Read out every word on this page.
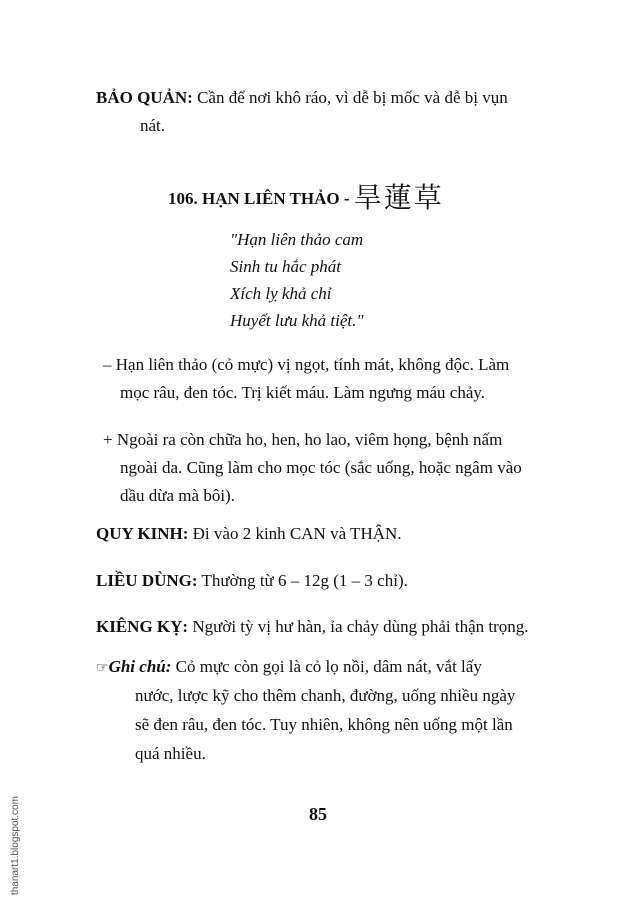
BẢO QUẢN: Cần để nơi khô ráo, vì dễ bị mốc và dễ bị vụn
nát.
106. HẠN LIÊN THẢO - 旱蓮草
"Hạn liên thảo cam
Sinh tu hắc phát
Xích lỵ khả chỉ
Huyết lưu khả tiệt."
– Hạn liên thảo (cỏ mực) vị ngọt, tính mát, không độc. Làm
mọc râu, đen tóc. Trị kiết máu. Làm ngưng máu chảy.
+ Ngoài ra còn chữa ho, hen, ho lao, viêm họng, bệnh nấm
ngoài da. Cũng làm cho mọc tóc (sắc uống, hoặc ngâm vào
dầu dừa mà bôi).
QUY KINH: Đi vào 2 kinh CAN và THẬN.
LIỀU DÙNG: Thường từ 6 – 12g (1 – 3 chỉ).
KIÊNG KỴ: Người tỳ vị hư hàn, ỉa chảy dùng phải thận trọng.
☞Ghi chú: Cỏ mực còn gọi là cỏ lọ nồi, dâm nát, vắt lấy
nước, lược kỹ cho thêm chanh, đường, uống nhiều ngày
sẽ đen râu, đen tóc. Tuy nhiên, không nên uống một lần
quá nhiều.
85
thanart1.blogspot.com
